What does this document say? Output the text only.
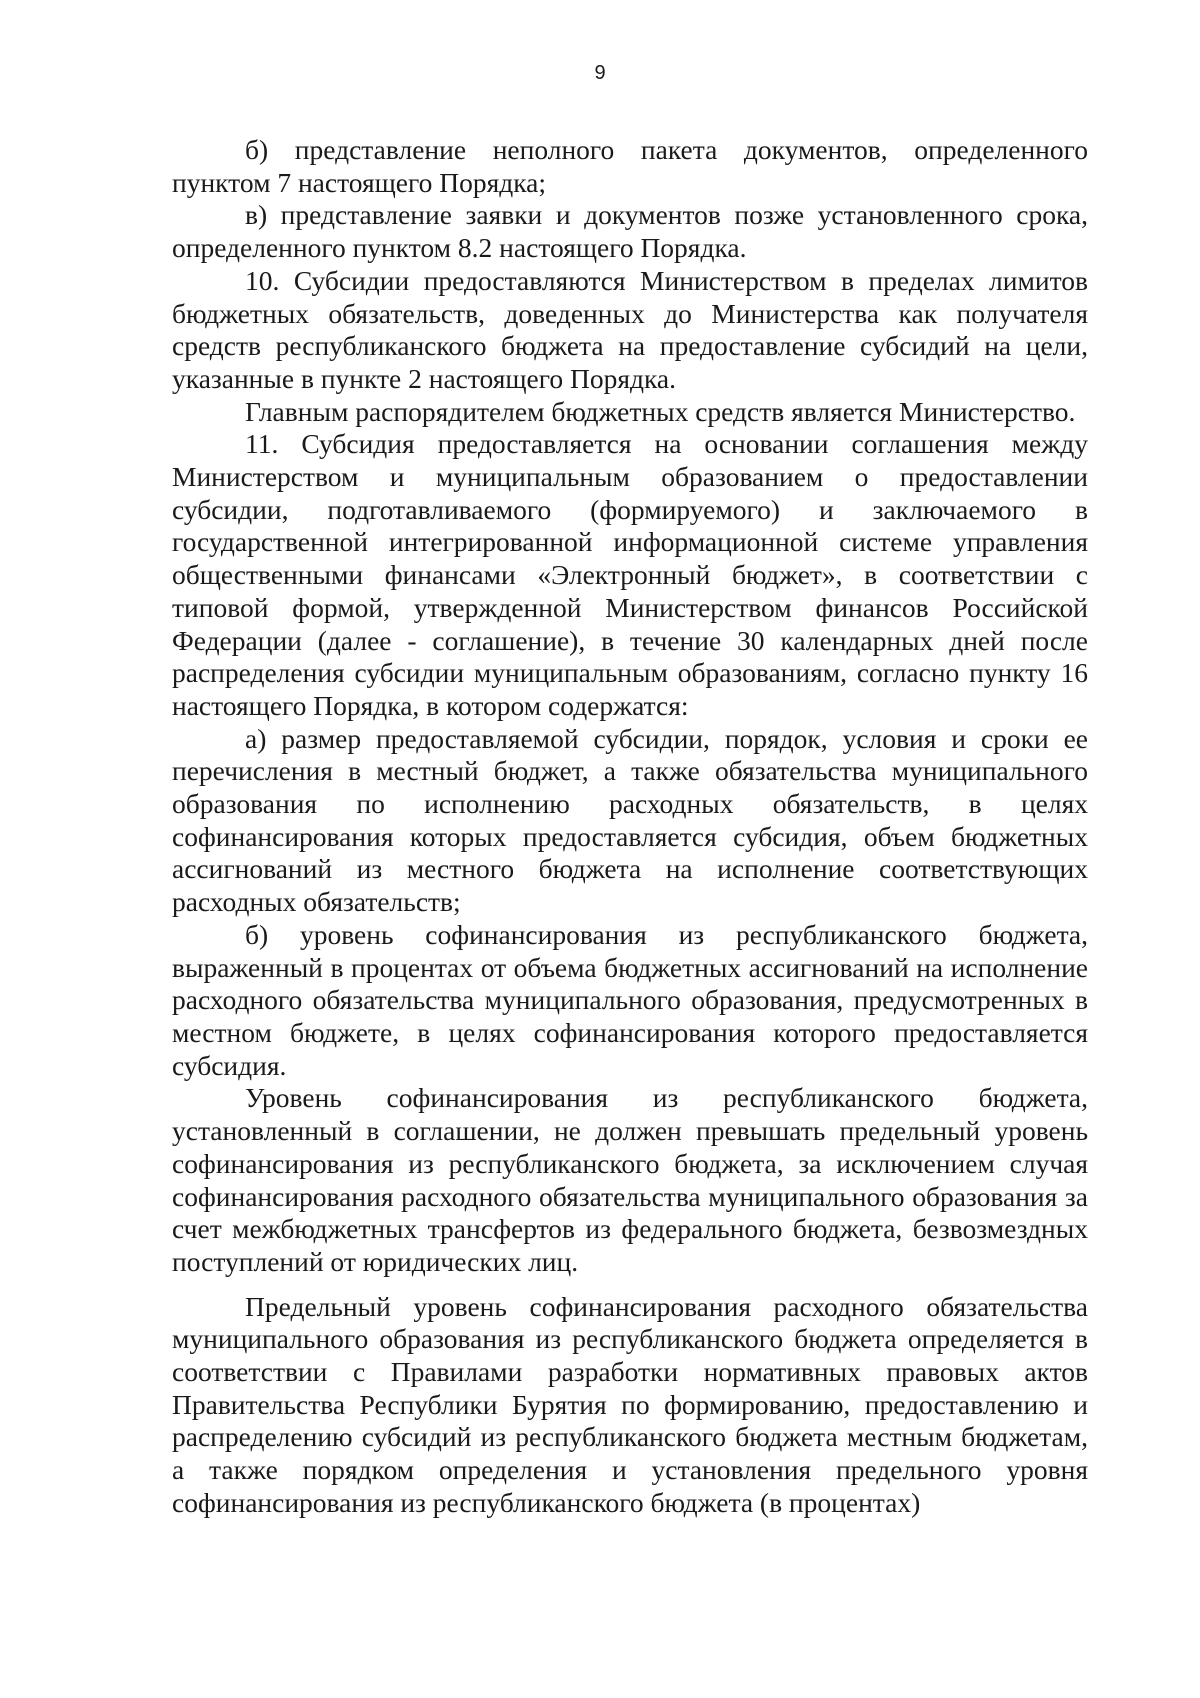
9

б) представление неполного пакета документов, определенного пунктом 7 настоящего Порядка;

в) представление заявки и документов позже установленного срока, определенного пунктом 8.2 настоящего Порядка.

10. Субсидии предоставляются Министерством в пределах лимитов бюджетных обязательств, доведенных до Министерства как получателя средств республиканского бюджета на предоставление субсидий на цели, указанные в пункте 2 настоящего Порядка.

Главным распорядителем бюджетных средств является Министерство.

11. Субсидия предоставляется на основании соглашения между Министерством и муниципальным образованием о предоставлении субсидии, подготавливаемого (формируемого) и заключаемого в государственной интегрированной информационной системе управления общественными финансами «Электронный бюджет», в соответствии с типовой формой, утвержденной Министерством финансов Российской Федерации (далее - соглашение), в течение 30 календарных дней после распределения субсидии муниципальным образованиям, согласно пункту 16 настоящего Порядка, в котором содержатся:

а) размер предоставляемой субсидии, порядок, условия и сроки ее перечисления в местный бюджет, а также обязательства муниципального образования по исполнению расходных обязательств, в целях софинансирования которых предоставляется субсидия, объем бюджетных ассигнований из местного бюджета на исполнение соответствующих расходных обязательств;

б) уровень софинансирования из республиканского бюджета, выраженный в процентах от объема бюджетных ассигнований на исполнение расходного обязательства муниципального образования, предусмотренных в местном бюджете, в целях софинансирования которого предоставляется субсидия.

Уровень софинансирования из республиканского бюджета, установленный в соглашении, не должен превышать предельный уровень софинансирования из республиканского бюджета, за исключением случая софинансирования расходного обязательства муниципального образования за счет межбюджетных трансфертов из федерального бюджета, безвозмездных поступлений от юридических лиц.

Предельный уровень софинансирования расходного обязательства муниципального образования из республиканского бюджета определяется в соответствии с Правилами разработки нормативных правовых актов Правительства Республики Бурятия по формированию, предоставлению и распределению субсидий из республиканского бюджета местным бюджетам, а также порядком определения и установления предельного уровня софинансирования из республиканского бюджета (в процентах)
